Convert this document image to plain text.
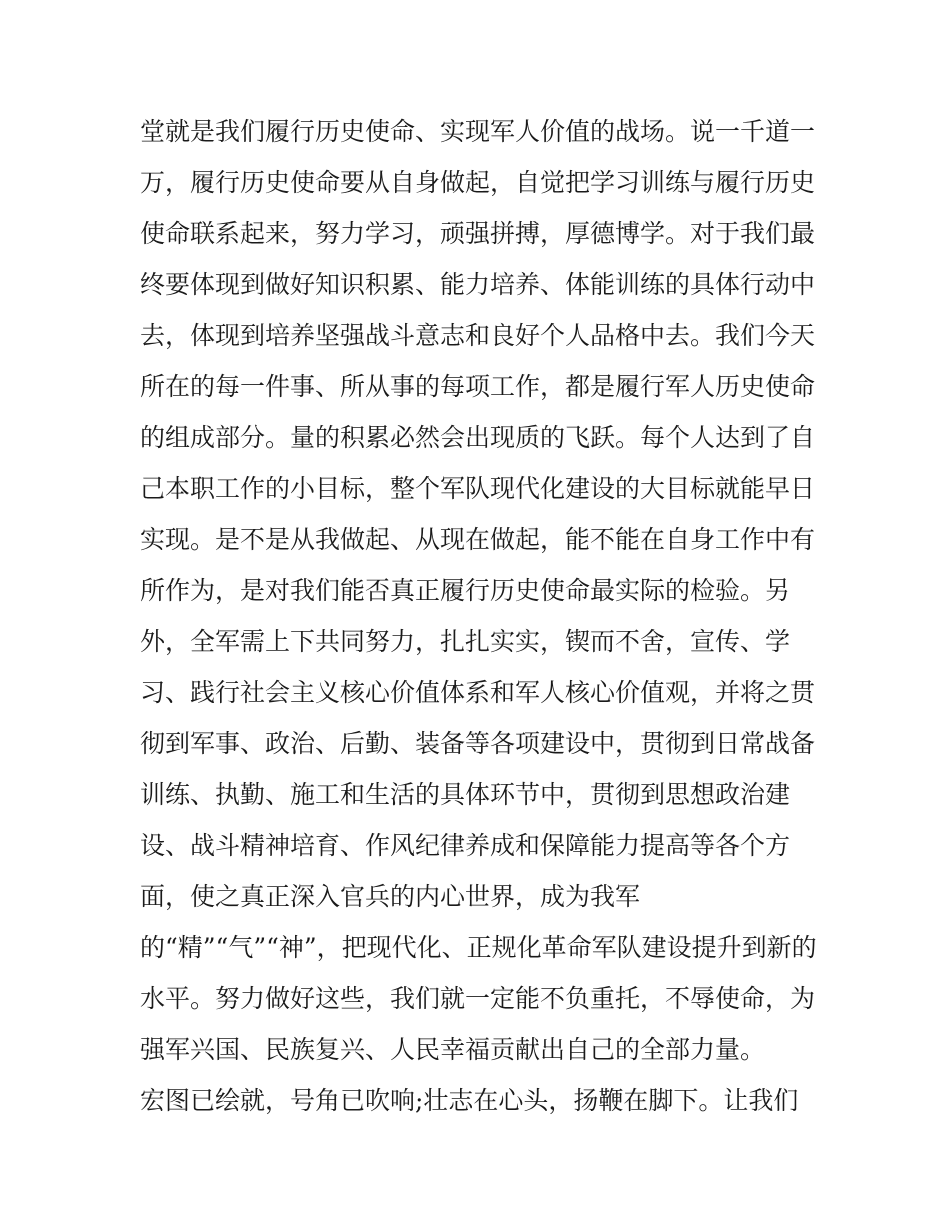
堂就是我们履行历史使命、实现军人价值的战场。说一千道一
万，履行历史使命要从自身做起，自觉把学习训练与履行历史
使命联系起来，努力学习，顽强拼搏，厚德博学。对于我们最
终要体现到做好知识积累、能力培养、体能训练的具体行动中
去，体现到培养坚强战斗意志和良好个人品格中去。我们今天
所在的每一件事、所从事的每项工作，都是履行军人历史使命
的组成部分。量的积累必然会出现质的飞跃。每个人达到了自
己本职工作的小目标，整个军队现代化建设的大目标就能早日
实现。是不是从我做起、从现在做起，能不能在自身工作中有
所作为，是对我们能否真正履行历史使命最实际的检验。另
外，全军需上下共同努力，扎扎实实，锲而不舍，宣传、学
习、践行社会主义核心价值体系和军人核心价值观，并将之贯
彻到军事、政治、后勤、装备等各项建设中，贯彻到日常战备
训练、执勤、施工和生活的具体环节中，贯彻到思想政治建
设、战斗精神培育、作风纪律养成和保障能力提高等各个方
面，使之真正深入官兵的内心世界，成为我军
的“精”“气”“神”，把现代化、正规化革命军队建设提升到新的
水平。努力做好这些，我们就一定能不负重托，不辱使命，为
强军兴国、民族复兴、人民幸福贡献出自己的全部力量。
宏图已绘就，号角已吹响;壮志在心头，扬鞭在脚下。让我们
